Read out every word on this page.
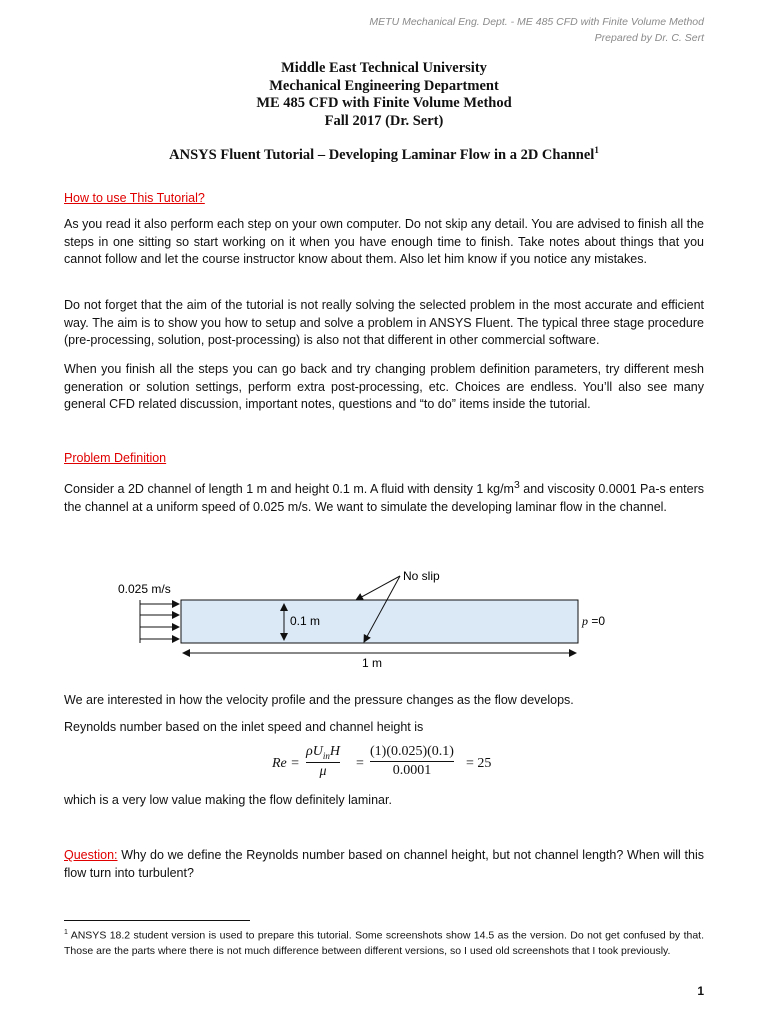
METU Mechanical Eng. Dept. - ME 485 CFD with Finite Volume Method
Prepared by Dr. C. Sert
Middle East Technical University
Mechanical Engineering Department
ME 485 CFD with Finite Volume Method
Fall 2017 (Dr. Sert)
ANSYS Fluent Tutorial – Developing Laminar Flow in a 2D Channel$^1$
How to use This Tutorial?

As you read it also perform each step on your own computer. Do not skip any detail. You are advised to finish all the steps in one sitting so start working on it when you have enough time to finish. Take notes about things that you cannot follow and let the course instructor know about them. Also let him know if you notice any mistakes.

Do not forget that the aim of the tutorial is not really solving the selected problem in the most accurate and efficient way. The aim is to show you how to setup and solve a problem in ANSYS Fluent. The typical three stage procedure (pre-processing, solution, post-processing) is also not that different in other commercial software.

When you finish all the steps you can go back and try changing problem definition parameters, try different mesh generation or solution settings, perform extra post-processing, etc. Choices are endless. You’ll also see many general CFD related discussion, important notes, questions and “to do” items inside the tutorial.

Problem Definition

Consider a 2D channel of length 1 m and height 0.1 m. A fluid with density 1 $kg/m^3$ and viscosity 0.0001 Pa-s enters the channel at a uniform speed of 0.025 m/s. We want to simulate the developing laminar flow in the channel.

0.025 m/s
No slip
0.1 m
1 m
p =0

We are interested in how the velocity profile and the pressure changes as the flow develops.

Reynolds number based on the inlet speed and channel height is

Re =
$\rho U_{in}H$
μ
=
(1)(0.025)(0.1)
0.0001	= 25

which is a very low value making the flow definitely laminar.

Question: Why do we define the Reynolds number based on channel height, but not channel length? When will this flow turn into turbulent?

$^1$ ANSYS 18.2 student version is used to prepare this tutorial. Some screenshots show 14.5 as the version. Do not get confused by that. Those are the parts where there is not much difference between different versions, so I used old screenshots that I took previously.

1
